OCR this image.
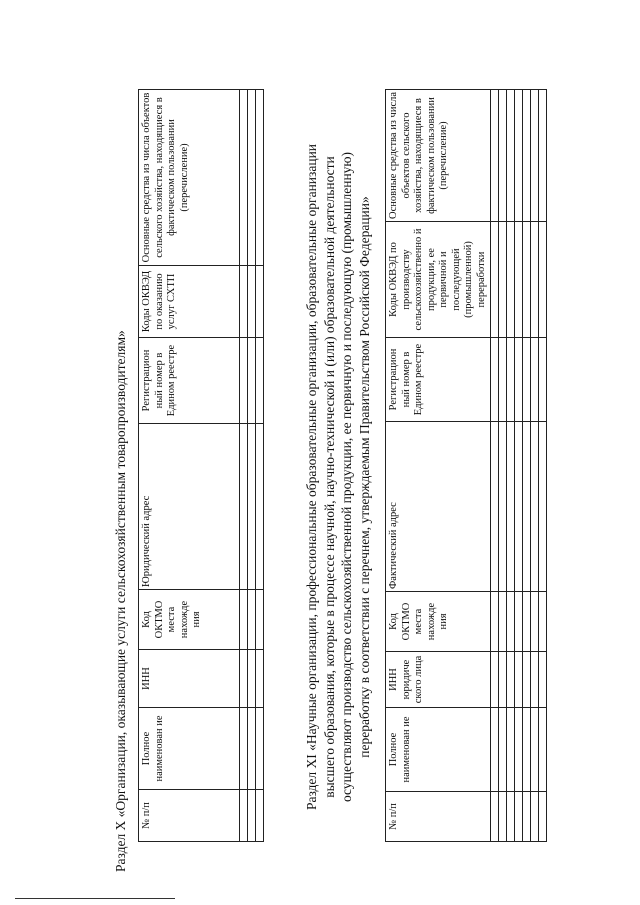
Раздел X «Организации, оказывающие услуги сельскохозяйственным товаропроизводителям» № п/п	Полное наименован ие	ИНН	Код ОКТМО места нахожде ния	Юридический адрес	Регистрацион ный номер в Едином реестре	Коды ОКВЭД по оказанию услуг СХТП	Основные средства из числа объектов сельского хозяйства, находящиеся в фактическом пользовании (перечисление)

								Раздел XI «Научные организации, профессиональные образовательные организации, образовательные организации высшего образования, которые в процессе научной, научно-технической и (или) образовательной деятельности осуществляют производство сельскохозяйственной продукции, ее первичную и последующую (промышленную) переработку в соответствии с перечнем, утверждаемым Правительством Российской Федерации»
№ п/п	Полное наименован ие	ИНН юридиче ского лица	Код ОКТМО места нахожде ния	Фактический адрес	Регистрацион ный номер в Едином реестре	Коды ОКВЭД по производству сельскохозяйственно й продукции, ее первичной и последующей (промышленной) переработки	Основные средства из числа объектов сельского хозяйства, находящиеся в фактическом пользовании (перечисление)
